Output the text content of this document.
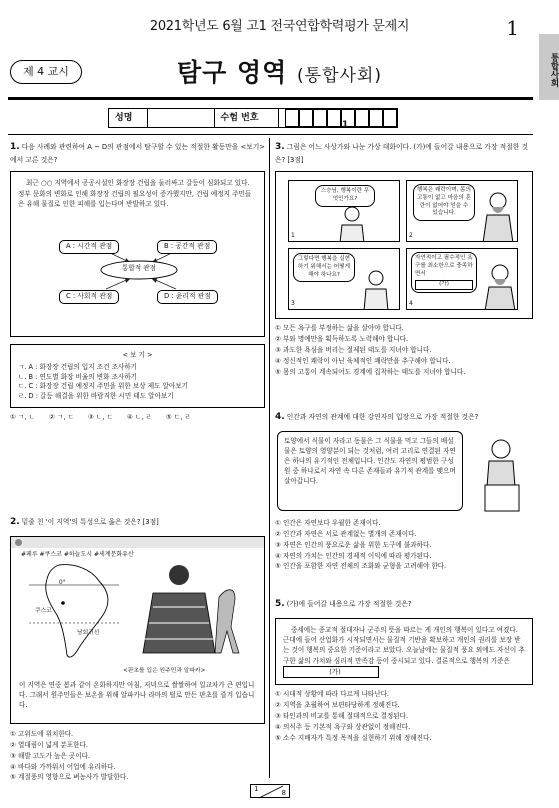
2021학년도 6월 고1 전국연합학력평가 문제지	1
통합사회
제 4 교시	탐구 영역 (통합사회)
성명	수험 번호
1
1. 다음 사례와 관련하여 A ~ D의 관점에서 탐구할 수 있는 적절한 활동만을 <보기>에서 고른 것은?

최근 ○○ 지역에서 공공시설인 화장장 건립을 둘러싸고 갈등이 심화되고 있다. 정부 문화의 변화로 인해 화장장 건립의 필요성이 증가했지만, 건립 예정지 주민들은 유해 물질로 인한 피해를 입는다며 반발하고 있다.

통합적 관점
A : 시간적 관점	B : 공간적 관점
C : 사회적 관점	D : 윤리적 관점
< 보 기 >
ㄱ. A : 화장장 건립의 입지 조건 조사하기
ㄴ. B : 연도별 화장 비율의 변화 조사하기
ㄷ. C : 화장장 건립 예정지 주민을 위한 보상 제도 알아보기
ㄹ. D : 갈등 해결을 위한 바람직한 시민 태도 알아보기
① ㄱ, ㄴ ② ㄱ, ㄷ ③ ㄴ, ㄷ ④ ㄴ, ㄹ ⑤ ㄷ, ㄹ
2. 밑줄 친 '이 지역'의 특성으로 옳은 것은? [3점]
#페루 #쿠스코 #하늘도시 #세계문화유산
0°
쿠스코
남회귀선
<판초를 입은 원주민과 알파카>
이 지역은 연중 봄과 같이 온화하지만 아침, 저녁으로 쌀쌀하여 일교차가 큰 편입니다. 그래서 원주민들은 보온을 위해 알파카나 라마의 털로 만든 판초를 즐겨 입습니다.
① 고위도에 위치한다.
② 열대림이 넓게 분포한다.
③ 해발 고도가 높은 곳이다.
④ 바다와 가까워서 어업에 유리하다.
⑤ 계절풍의 영향으로 벼농사가 발달한다.
3. 그림은 어느 사상가와 나눈 가상 대화이다. (가)에 들어갈 내용으로 가장 적절한 것은? [3점]
스승님, 행복이란 무엇인가요?
1
행복은 쾌락이며, 몸의 고통이 없고 마음의 혼란이 없어야 얻을 수 있습니다.
2
그렇다면 행복을 실현하기 위해서는 어떻게 해야 하나요?
3
자연적이고 필수적인 욕구를 최소한으로 충족하면서
(가)
4
① 모든 욕구를 부정하는 삶을 살아야 합니다.
② 부와 명예만을 획득하도록 노력해야 합니다.
③ 과도한 욕심을 버리는 절제된 태도를 지녀야 합니다.
④ 정신적인 쾌락이 아닌 육체적인 쾌락만을 추구해야 합니다.
⑤ 몸의 고통이 계속되어도 경계에 집착하는 태도를 지녀야 합니다.
4. 인간과 자연의 관계에 대한 강연자의 입장으로 가장 적절한 것은?
토양에서 식물이 자라고 동물은 그 식물을 먹고 그들의 배설물은 토양의 영양분이 되는 것처럼, 여러 고리로 연결된 자연은 하나의 유기적인 전체입니다. 인간도 자연의 평범한 구성원 중 하나로서 자연 속 다른 존재들과 유기적 관계를 맺으며 살아갑니다.
① 인간은 자연보다 우월한 존재이다.
② 인간과 자연은 서로 관계없는 별개의 존재이다.
③ 자연은 인간의 풍요로운 삶을 위한 도구에 불과하다.
④ 자연의 가치는 인간의 경제적 이익에 따라 평가된다.
⑤ 인간을 포함한 자연 전체의 조화와 균형을 고려해야 한다.
5. (가)에 들어갈 내용으로 가장 적절한 것은?

중세에는 종교적 절대자나 군주의 뜻을 따르는 게 개인의 행복이 있다고 여겼다. 근대에 들어 산업화가 시작되면서는 물질적 기반을 확보하고 개인의 권리를 보장 받는 것이 행복의 중요한 기준이라고 보았다. 오늘날에는 물질적 풍요 외에도 자신이 추구한 삶의 가치와 심리적 만족감 등이 중시되고 있다. 결론적으로 행복의 기준은 (가)

① 시대적 상황에 따라 다르게 나타난다.
② 지역을 초월하여 보편타당하게 정해진다.
③ 타인과의 비교를 통해 절대적으로 결정된다.
④ 의식주 등 기본적 욕구와 상관없이 정해진다.
⑤ 소수 지배자가 특정 목적을 실현하기 위해 정해진다.
1	8
